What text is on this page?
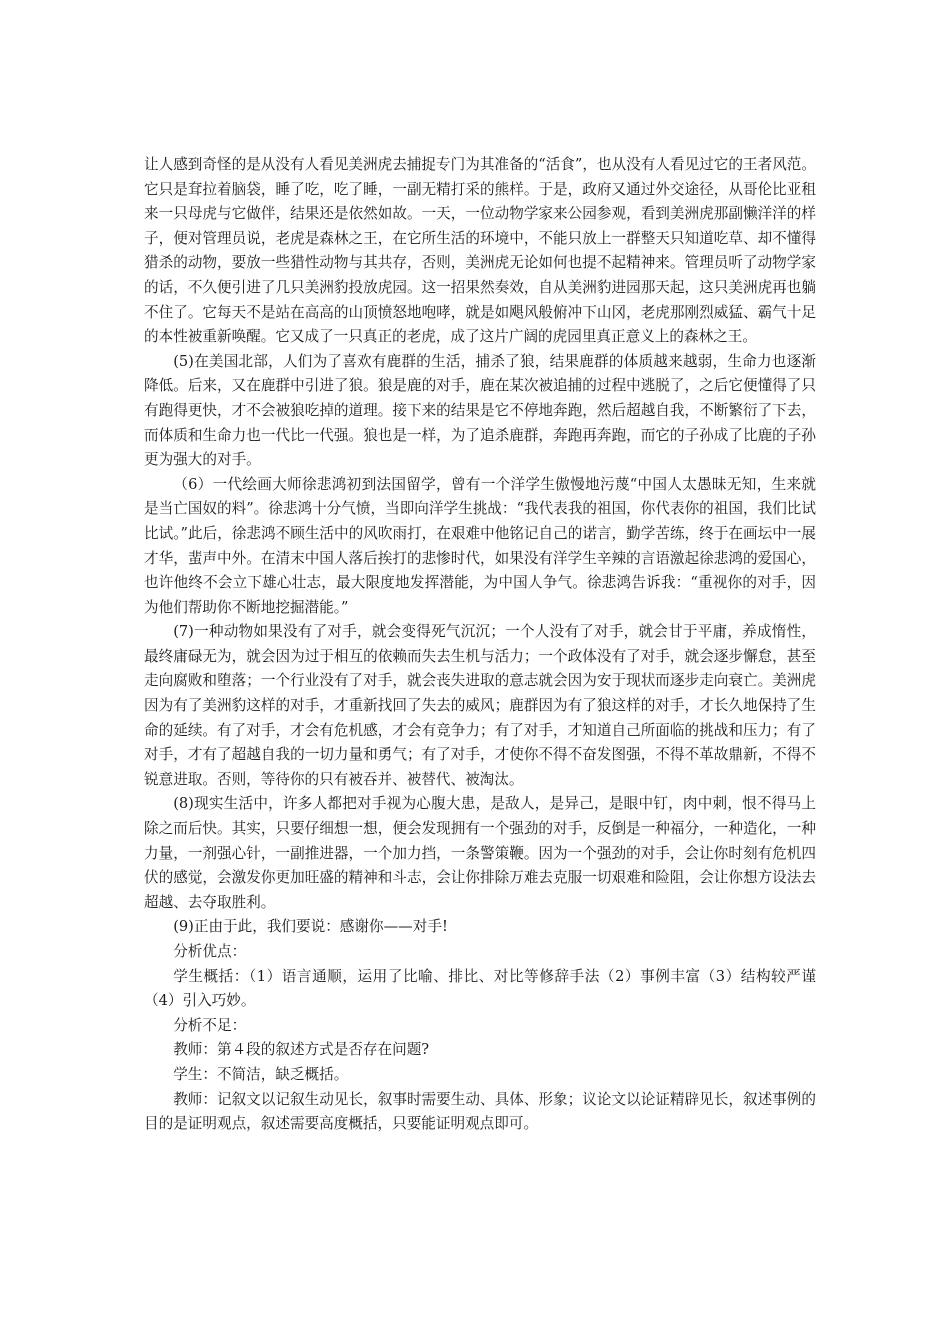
让人感到奇怪的是从没有人看见美洲虎去捕捉专门为其准备的“活食”，也从没有人看见过它的王者风范。它只是耷拉着脑袋，睡了吃，吃了睡，一副无精打采的熊样。于是，政府又通过外交途径，从哥伦比亚租来一只母虎与它做伴，结果还是依然如故。一天，一位动物学家来公园参观，看到美洲虎那副懒洋洋的样子，便对管理员说，老虎是森林之王，在它所生活的环境中，不能只放上一群整天只知道吃草、却不懂得猎杀的动物，要放一些猎性动物与其共存，否则，美洲虎无论如何也提不起精神来。管理员听了动物学家的话，不久便引进了几只美洲豹投放虎园。这一招果然奏效，自从美洲豹进园那天起，这只美洲虎再也躺不住了。它每天不是站在高高的山顶愤怒地咆哮，就是如飓风般俯冲下山冈，老虎那刚烈威猛、霸气十足的本性被重新唤醒。它又成了一只真正的老虎，成了这片广阔的虎园里真正意义上的森林之王。

(5)在美国北部，人们为了喜欢有鹿群的生活，捕杀了狼，结果鹿群的体质越来越弱，生命力也逐渐降低。后来，又在鹿群中引进了狼。狼是鹿的对手，鹿在某次被追捕的过程中逃脱了，之后它便懂得了只有跑得更快，才不会被狼吃掉的道理。接下来的结果是它不停地奔跑，然后超越自我，不断繁衍了下去，而体质和生命力也一代比一代强。狼也是一样，为了追杀鹿群，奔跑再奔跑，而它的子孙成了比鹿的子孙更为强大的对手。

（6）一代绘画大师徐悲鸿初到法国留学，曾有一个洋学生傲慢地污蔑“中国人太愚昧无知，生来就是当亡国奴的料”。徐悲鸿十分气愤，当即向洋学生挑战：“我代表我的祖国，你代表你的祖国，我们比试比试。”此后，徐悲鸿不顾生活中的风吹雨打，在艰难中他铭记自己的诺言，勤学苦练，终于在画坛中一展才华，蜚声中外。在清末中国人落后挨打的悲惨时代，如果没有洋学生辛辣的言语激起徐悲鸿的爱国心，也许他终不会立下雄心壮志，最大限度地发挥潜能，为中国人争气。徐悲鸿告诉我：“重视你的对手，因为他们帮助你不断地挖掘潜能。”

(7)一种动物如果没有了对手，就会变得死气沉沉；一个人没有了对手，就会甘于平庸，养成惰性，最终庸碌无为，就会因为过于相互的依赖而失去生机与活力；一个政体没有了对手，就会逐步懈怠，甚至走向腐败和堕落；一个行业没有了对手，就会丧失进取的意志就会因为安于现状而逐步走向衰亡。美洲虎因为有了美洲豹这样的对手，才重新找回了失去的威风；鹿群因为有了狼这样的对手，才长久地保持了生命的延续。有了对手，才会有危机感，才会有竞争力；有了对手，才知道自己所面临的挑战和压力；有了对手，才有了超越自我的一切力量和勇气；有了对手，才使你不得不奋发图强，不得不革故鼎新，不得不锐意进取。否则，等待你的只有被吞并、被替代、被淘汰。

(8)现实生活中，许多人都把对手视为心腹大患，是敌人，是异己，是眼中钉，肉中刺，恨不得马上除之而后快。其实，只要仔细想一想，便会发现拥有一个强劲的对手，反倒是一种福分，一种造化，一种力量，一剂强心针，一副推进器，一个加力挡，一条警策鞭。因为一个强劲的对手，会让你时刻有危机四伏的感觉，会激发你更加旺盛的精神和斗志，会让你排除万难去克服一切艰难和险阻，会让你想方设法去超越、去夺取胜利。

(9)正由于此，我们要说：感谢你——对手!

分析优点：

学生概括：（1）语言通顺，运用了比喻、排比、对比等修辞手法（2）事例丰富（3）结构较严谨（4）引入巧妙。

分析不足：

教师：第４段的叙述方式是否存在问题?

学生：不简洁，缺乏概括。

教师：记叙文以记叙生动见长，叙事时需要生动、具体、形象；议论文以论证精辟见长，叙述事例的目的是证明观点，叙述需要高度概括，只要能证明观点即可。
